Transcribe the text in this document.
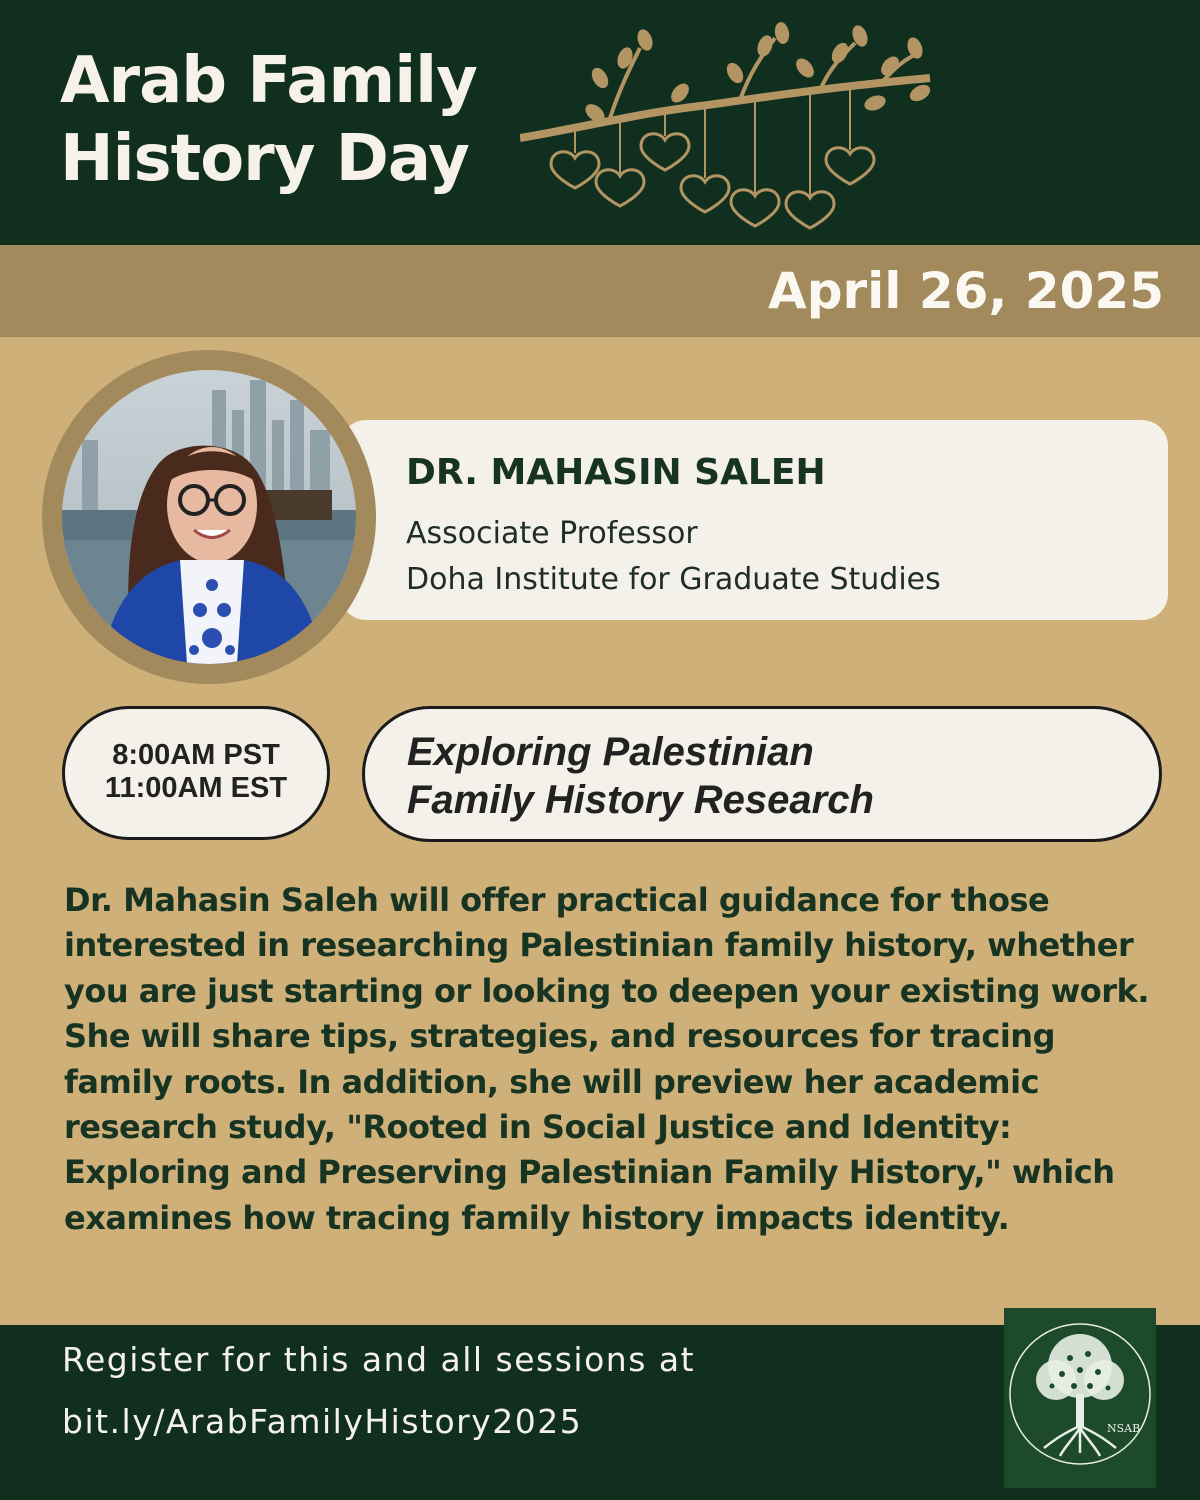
Arab Family
History Day
April 26, 2025
DR. MAHASIN SALEH
Associate Professor
Doha Institute for Graduate Studies
8:00AM PST
11:00AM EST
Exploring Palestinian
Family History Research
Dr. Mahasin Saleh will offer practical guidance for those interested in researching Palestinian family history, whether you are just starting or looking to deepen your existing work. She will share tips, strategies, and resources for tracing family roots. In addition, she will preview her academic research study, "Rooted in Social Justice and Identity: Exploring and Preserving Palestinian Family History," which examines how tracing family history impacts identity.
Register for this and all sessions at
bit.ly/ArabFamilyHistory2025	NSAB
